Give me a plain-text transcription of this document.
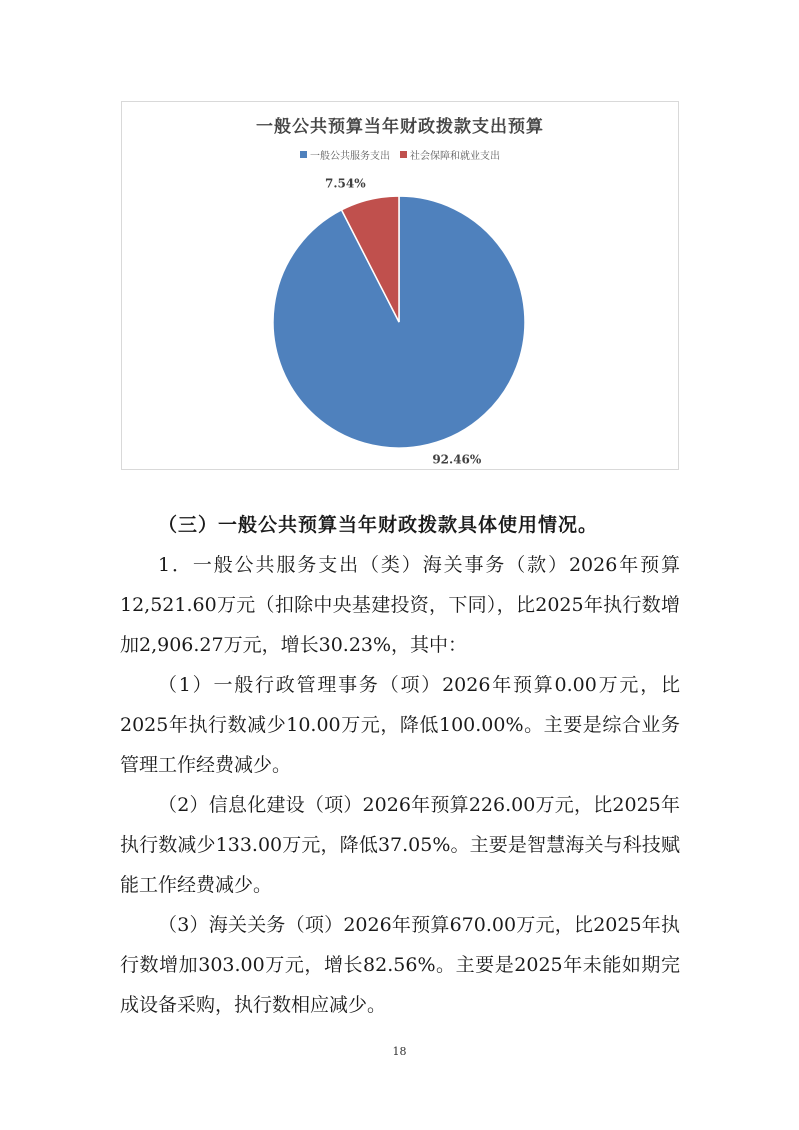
一般公共预算当年财政拨款支出预算
一般公共服务支出 社会保障和就业支出
92.46%
7.54%

（三）一般公共预算当年财政拨款具体使用情况。

1．一般公共服务支出（类）海关事务（款）2026年预算12,521.60万元（扣除中央基建投资，下同），比2025年执行数增加2,906.27万元，增长30.23%，其中：

（1）一般行政管理事务（项）2026年预算0.00万元，比2025年执行数减少10.00万元，降低100.00%。主要是综合业务管理工作经费减少。

（2）信息化建设（项）2026年预算226.00万元，比2025年执行数减少133.00万元，降低37.05%。主要是智慧海关与科技赋能工作经费减少。

（3）海关关务（项）2026年预算670.00万元，比2025年执行数增加303.00万元，增长82.56%。主要是2025年未能如期完成设备采购，执行数相应减少。

18
